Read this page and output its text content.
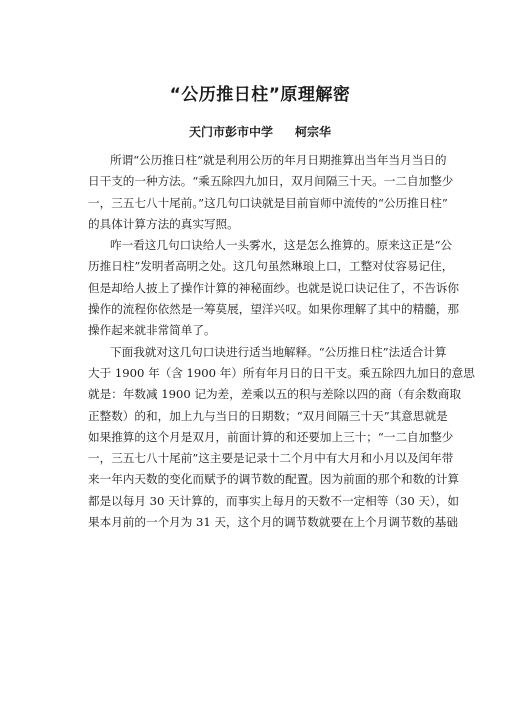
“公历推日柱”原理解密
天门市彭市中学 柯宗华
所谓“公历推日柱”就是利用公历的年月日期推算出当年当月当日的
日干支的一种方法。“乘五除四九加日，双月间隔三十天。一二自加整少
一，三五七八十尾前。”这几句口诀就是目前盲师中流传的“公历推日柱”
的具体计算方法的真实写照。
咋一看这几句口诀给人一头雾水，这是怎么推算的。原来这正是“公
历推日柱”发明者高明之处。这几句虽然琳琅上口，工整对仗容易记住，
但是却给人披上了操作计算的神秘面纱。也就是说口诀记住了，不告诉你
操作的流程你依然是一筹莫展，望洋兴叹。如果你理解了其中的精髓，那
操作起来就非常简单了。
下面我就对这几句口诀进行适当地解释。“公历推日柱”法适合计算
大于 1900 年（含 1900 年）所有年月日的日干支。乘五除四九加日的意思
就是：年数减 1900 记为差，差乘以五的积与差除以四的商（有余数商取
正整数）的和，加上九与当日的日期数；“双月间隔三十天”其意思就是
如果推算的这个月是双月，前面计算的和还要加上三十；“一二自加整少
一，三五七八十尾前”这主要是记录十二个月中有大月和小月以及闰年带
来一年内天数的变化而赋予的调节数的配置。因为前面的那个和数的计算
都是以每月 30 天计算的，而事实上每月的天数不一定相等（30 天），如
果本月前的一个月为 31 天，这个月的调节数就要在上个月调节数的基础
